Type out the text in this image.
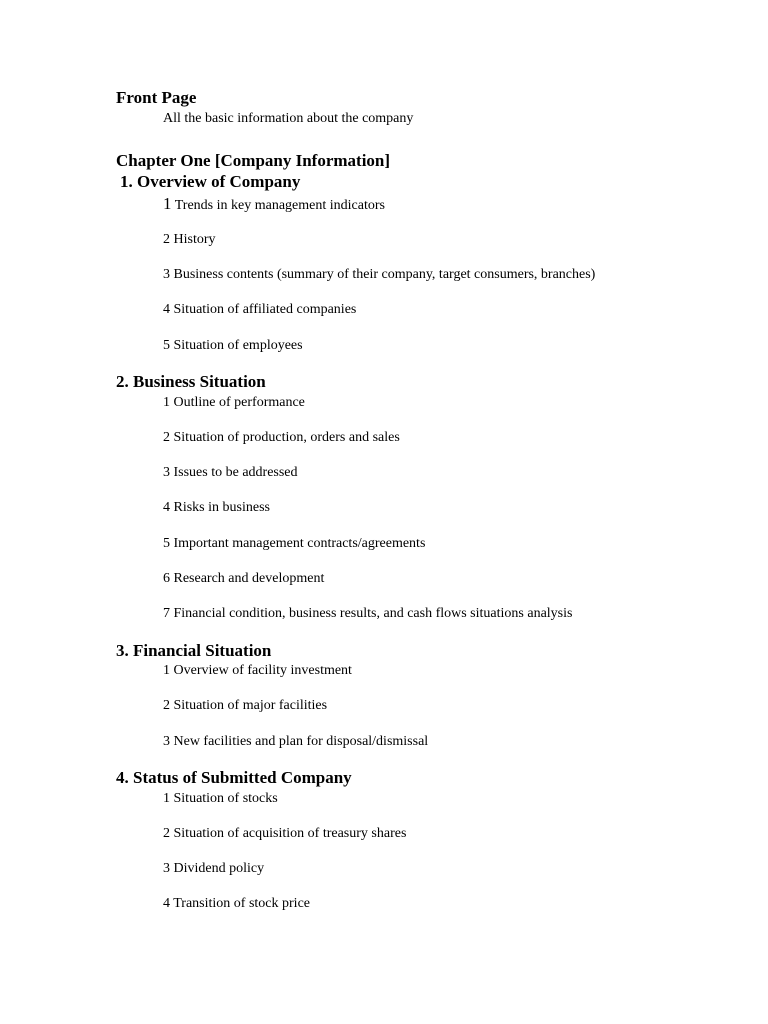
Front Page
All the basic information about the company
Chapter One [Company Information]
1. Overview of Company
1 Trends in key management indicators
2 History
3 Business contents (summary of their company, target consumers, branches)
4 Situation of affiliated companies
5 Situation of employees
2. Business Situation
1 Outline of performance
2 Situation of production, orders and sales
3 Issues to be addressed
4 Risks in business
5 Important management contracts/agreements
6 Research and development
7 Financial condition, business results, and cash flows situations analysis
3. Financial Situation
1 Overview of facility investment
2 Situation of major facilities
3 New facilities and plan for disposal/dismissal
4. Status of Submitted Company
1 Situation of stocks
2 Situation of acquisition of treasury shares
3 Dividend policy
4 Transition of stock price
